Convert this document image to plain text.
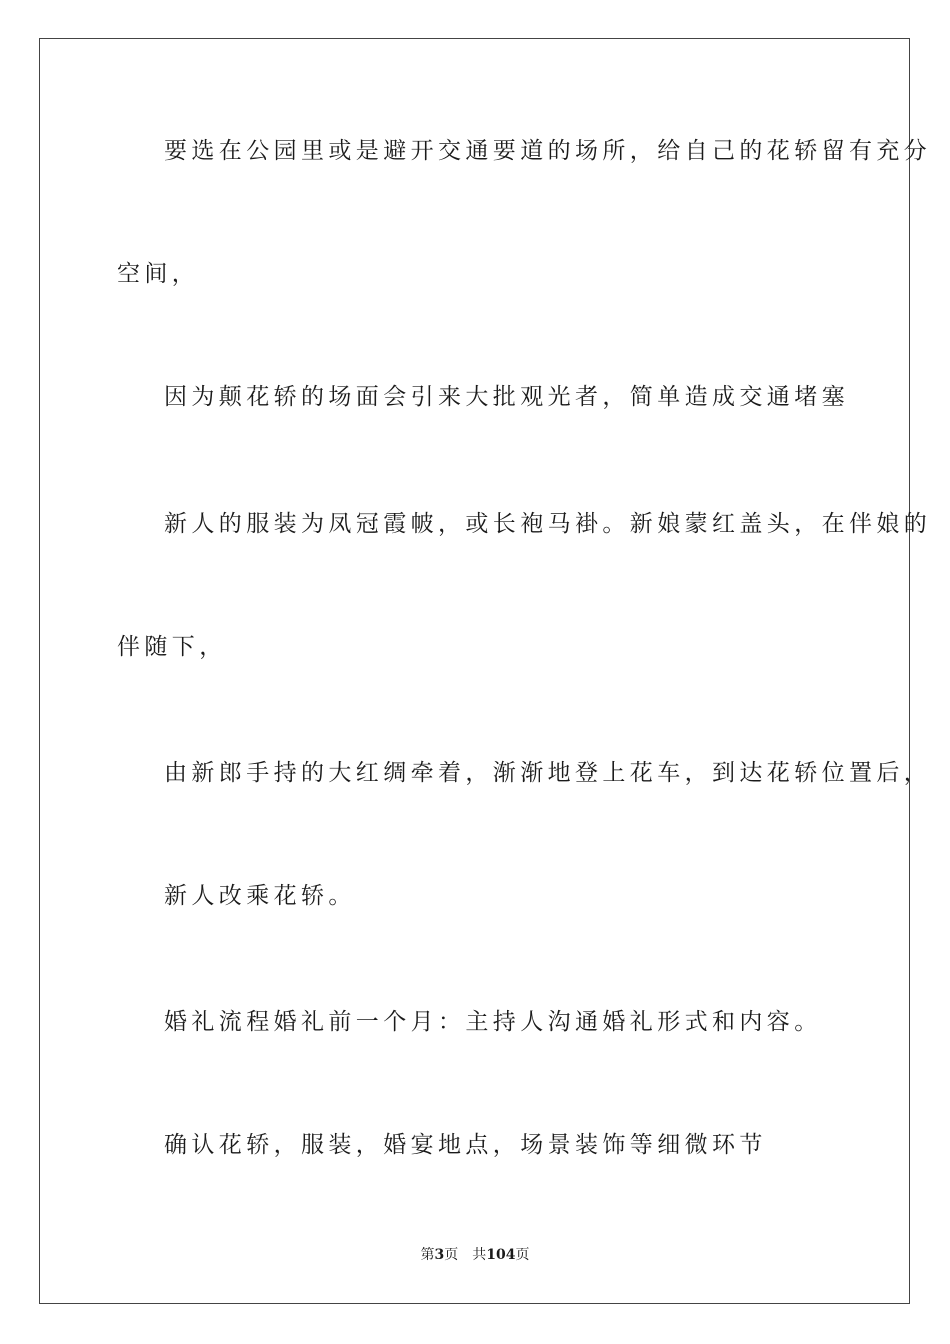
要选在公园里或是避开交通要道的场所，给自己的花轿留有充分
空间，
因为颠花轿的场面会引来大批观光者，简单造成交通堵塞
新人的服装为凤冠霞帔，或长袍马褂。新娘蒙红盖头，在伴娘的
伴随下，
由新郎手持的大红绸牵着，渐渐地登上花车，到达花轿位置后，
新人改乘花轿。
婚礼流程婚礼前一个月：主持人沟通婚礼形式和内容。
确认花轿，服装，婚宴地点，场景装饰等细微环节
第3页 共104页
